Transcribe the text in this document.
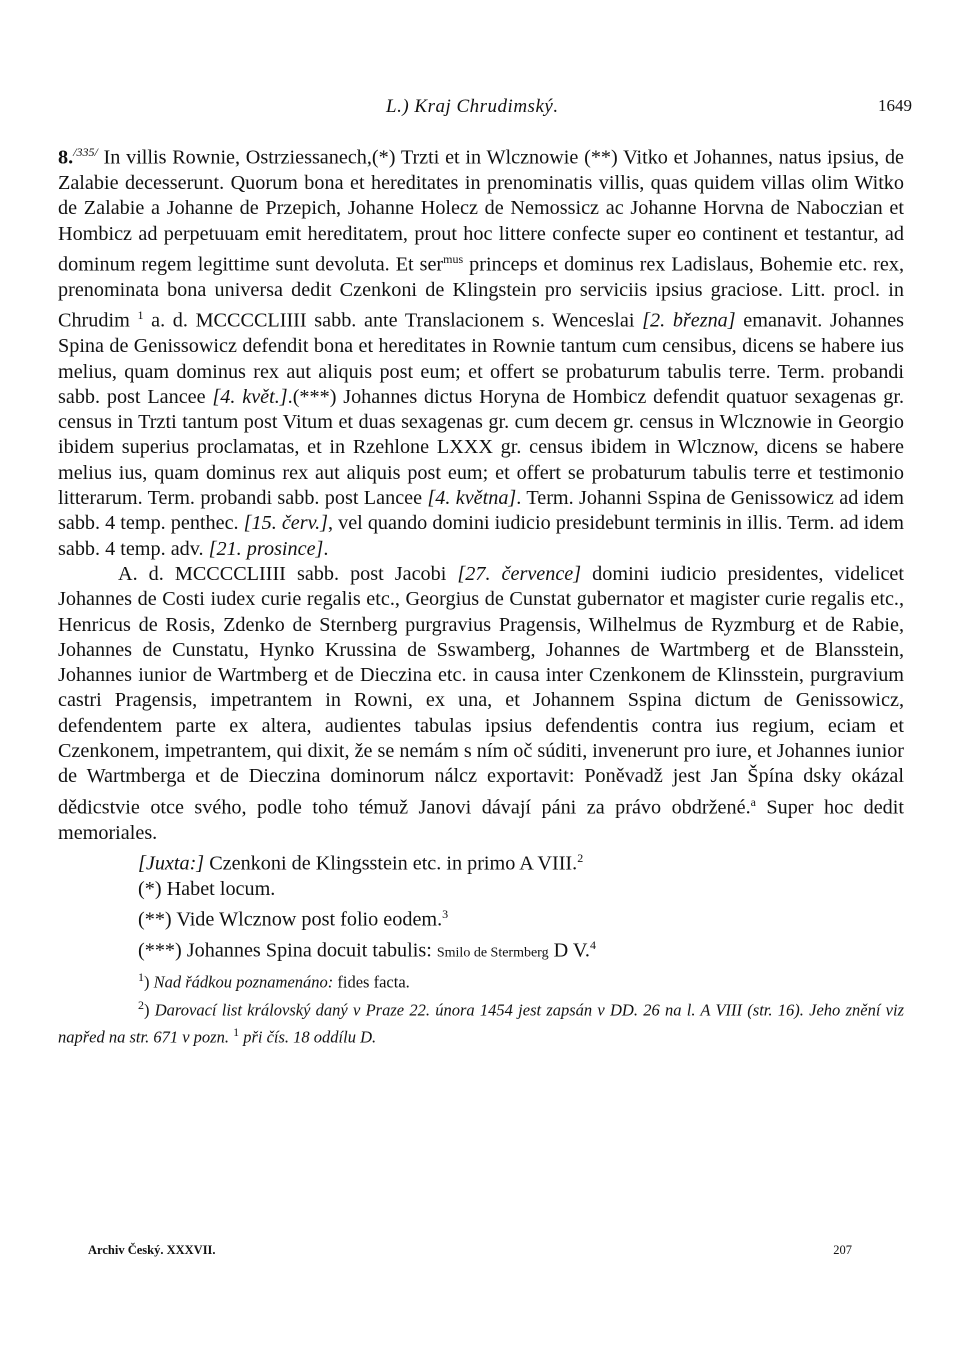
L.) Kraj Chrudimský.	1649

8.$^{/335/}$ In villis Rownie, Ostrziessanech,(*) Trzti et in Wlcznowie (**) Vitko et Johannes, natus ipsius, de Zalabie decesserunt. Quorum bona et hereditates in prenominatis villis, quas quidem villas olim Witko de Zalabie a Johanne de Przepich, Johanne Holecz de Nemossicz ac Johanne Horvna de Naboczian et Hombicz ad perpetuuam emit hereditatem, prout hoc littere confecte super eo continent et testantur, ad dominum regem legittime sunt devoluta. Et ser$^{mus}$ princeps et dominus rex Ladislaus, Bohemie etc. rex, prenominata bona universa dedit Czenkoni de Klingstein pro serviciis ipsius graciose. Litt. procl. in Chrudim $^1$ a. d. MCCCCLIIII sabb. ante Translacionem s. Wenceslai [2. března] emanavit. Johannes Spina de Genissowicz defendit bona et hereditates in Rownie tantum cum censibus, dicens se habere ius melius, quam dominus rex aut aliquis post eum; et offert se probaturum tabulis terre. Term. probandi sabb. post Lancee [4. květ.].(***) Johannes dictus Horyna de Hombicz defendit quatuor sexagenas gr. census in Trzti tantum post Vitum et duas sexagenas gr. cum decem gr. census in Wlcznowie in Georgio ibidem superius proclamatas, et in Rzehlone LXXX gr. census ibidem in Wlcznow, dicens se habere melius ius, quam dominus rex aut aliquis post eum; et offert se probaturum tabulis terre et testimonio litterarum. Term. probandi sabb. post Lancee [4. května]. Term. Johanni Sspina de Genissowicz ad idem sabb. 4 temp. penthec. [15. červ.], vel quando domini iudicio presidebunt terminis in illis. Term. ad idem sabb. 4 temp. adv. [21. prosince].

A. d. MCCCCLIIII sabb. post Jacobi [27. července] domini iudicio presidentes, videlicet Johannes de Costi iudex curie regalis etc., Georgius de Cunstat gubernator et magister curie regalis etc., Henricus de Rosis, Zdenko de Sternberg purgravius Pragensis, Wilhelmus de Ryzmburg et de Rabie, Johannes de Cunstatu, Hynko Krussina de Sswamberg, Johannes de Wartmberg et de Blansstein, Johannes iunior de Wartmberg et de Dieczina etc. in causa inter Czenkonem de Klinsstein, purgravium castri Pragensis, impetrantem in Rowni, ex una, et Johannem Sspina dictum de Genissowicz, defendentem parte ex altera, audientes tabulas ipsius defendentis contra ius regium, eciam et Czenkonem, impetrantem, qui dixit, že se nemám s ním oč súditi, invenerunt pro iure, et Johannes iunior de Wartmberga et de Dieczina dominorum nálcz exportavit: Poněvadž jest Jan Špína dsky okázal dědicstvie otce svého, podle toho témuž Janovi dávají páni za právo obdržené.$^a$ Super hoc dedit memoriales.

[Juxta:] Czenkoni de Klingsstein etc. in primo A VIII.$^2$

(*) Habet locum.

(**) Vide Wlcznow post folio eodem.$^3$

(***) Johannes Spina docuit tabulis: Smilo de Stermberg D V.$^4$

$^1$) Nad řádkou poznamenáno: fides facta.
$^2$) Darovací list královský daný v Praze 22. února 1454 jest zapsán v DD. 26 na l. A VIII (str. 16). Jeho znění viz napřed na str. 671 v pozn. $^1$ při čís. 18 oddílu D.
Archiv Český. XXXVII.	207
